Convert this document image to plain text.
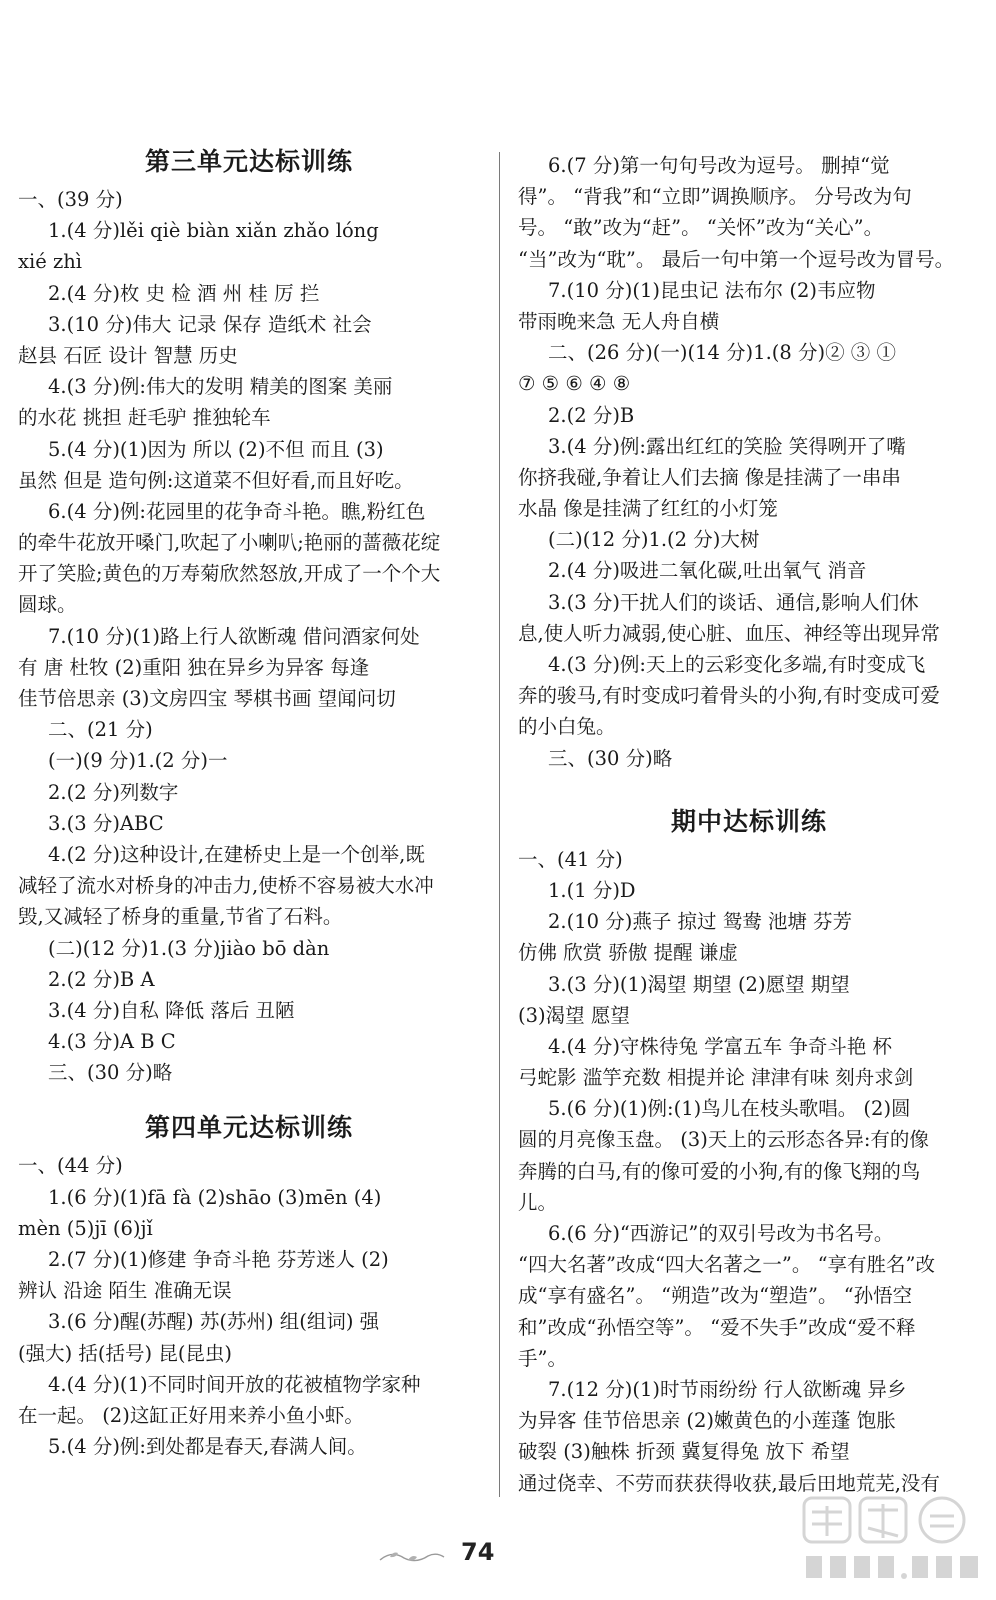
第三单元达标训练
一、(39 分)
1.(4 分)lěi qiè biàn xiǎn zhǎo lóng
xié zhì
2.(4 分)枚 史 检 酒 州 桂 厉 拦
3.(10 分)伟大 记录 保存 造纸术 社会
赵县 石匠 设计 智慧 历史
4.(3 分)例:伟大的发明 精美的图案 美丽
的水花 挑担 赶毛驴 推独轮车
5.(4 分)(1)因为 所以 (2)不但 而且 (3)
虽然 但是 造句例:这道菜不但好看,而且好吃。
6.(4 分)例:花园里的花争奇斗艳。瞧,粉红色
的牵牛花放开嗓门,吹起了小喇叭;艳丽的蔷薇花绽
开了笑脸;黄色的万寿菊欣然怒放,开成了一个个大
圆球。
7.(10 分)(1)路上行人欲断魂 借问酒家何处
有 唐 杜牧 (2)重阳 独在异乡为异客 每逢
佳节倍思亲 (3)文房四宝 琴棋书画 望闻问切
二、(21 分)
(一)(9 分)1.(2 分)一
2.(2 分)列数字
3.(3 分)ABC
4.(2 分)这种设计,在建桥史上是一个创举,既
减轻了流水对桥身的冲击力,使桥不容易被大水冲
毁,又减轻了桥身的重量,节省了石料。
(二)(12 分)1.(3 分)jiào bō dàn
2.(2 分)B A
3.(4 分)自私 降低 落后 丑陋
4.(3 分)A B C
三、(30 分)略
第四单元达标训练
一、(44 分)
1.(6 分)(1)fā fà (2)shāo (3)mēn (4)
mèn (5)jī (6)jǐ
2.(7 分)(1)修建 争奇斗艳 芬芳迷人 (2)
辨认 沿途 陌生 准确无误
3.(6 分)醒(苏醒) 苏(苏州) 组(组词) 强
(强大) 括(括号) 昆(昆虫)
4.(4 分)(1)不同时间开放的花被植物学家种
在一起。 (2)这缸正好用来养小鱼小虾。
5.(4 分)例:到处都是春天,春满人间。
6.(7 分)第一句句号改为逗号。 删掉“觉
得”。 “背我”和“立即”调换顺序。 分号改为句
号。 “敢”改为“赶”。 “关怀”改为“关心”。
“当”改为“耽”。 最后一句中第一个逗号改为冒号。
7.(10 分)(1)昆虫记 法布尔 (2)韦应物
带雨晚来急 无人舟自横
二、(26 分)(一)(14 分)1.(8 分)② ③ ①
⑦ ⑤ ⑥ ④ ⑧
2.(2 分)B
3.(4 分)例:露出红红的笑脸 笑得咧开了嘴
你挤我碰,争着让人们去摘 像是挂满了一串串
水晶 像是挂满了红红的小灯笼
(二)(12 分)1.(2 分)大树
2.(4 分)吸进二氧化碳,吐出氧气 消音
3.(3 分)干扰人们的谈话、通信,影响人们休
息,使人听力减弱,使心脏、血压、神经等出现异常
4.(3 分)例:天上的云彩变化多端,有时变成飞
奔的骏马,有时变成叼着骨头的小狗,有时变成可爱
的小白兔。
三、(30 分)略
期中达标训练
一、(41 分)
1.(1 分)D
2.(10 分)燕子 掠过 鸳鸯 池塘 芬芳
仿佛 欣赏 骄傲 提醒 谦虚
3.(3 分)(1)渴望 期望 (2)愿望 期望
(3)渴望 愿望
4.(4 分)守株待兔 学富五车 争奇斗艳 杯
弓蛇影 滥竽充数 相提并论 津津有味 刻舟求剑
5.(6 分)(1)例:(1)鸟儿在枝头歌唱。 (2)圆
圆的月亮像玉盘。 (3)天上的云形态各异:有的像
奔腾的白马,有的像可爱的小狗,有的像飞翔的鸟
儿。
6.(6 分)“西游记”的双引号改为书名号。
“四大名著”改成“四大名著之一”。 “享有胜名”改
成“享有盛名”。 “朔造”改为“塑造”。 “孙悟空
和”改成“孙悟空等”。 “爱不失手”改成“爱不释
手”。
7.(12 分)(1)时节雨纷纷 行人欲断魂 异乡
为异客 佳节倍思亲 (2)嫩黄色的小莲蓬 饱胀
破裂 (3)触株 折颈 冀复得兔 放下 希望
通过侥幸、不劳而获获得收获,最后田地荒芜,没有
74
